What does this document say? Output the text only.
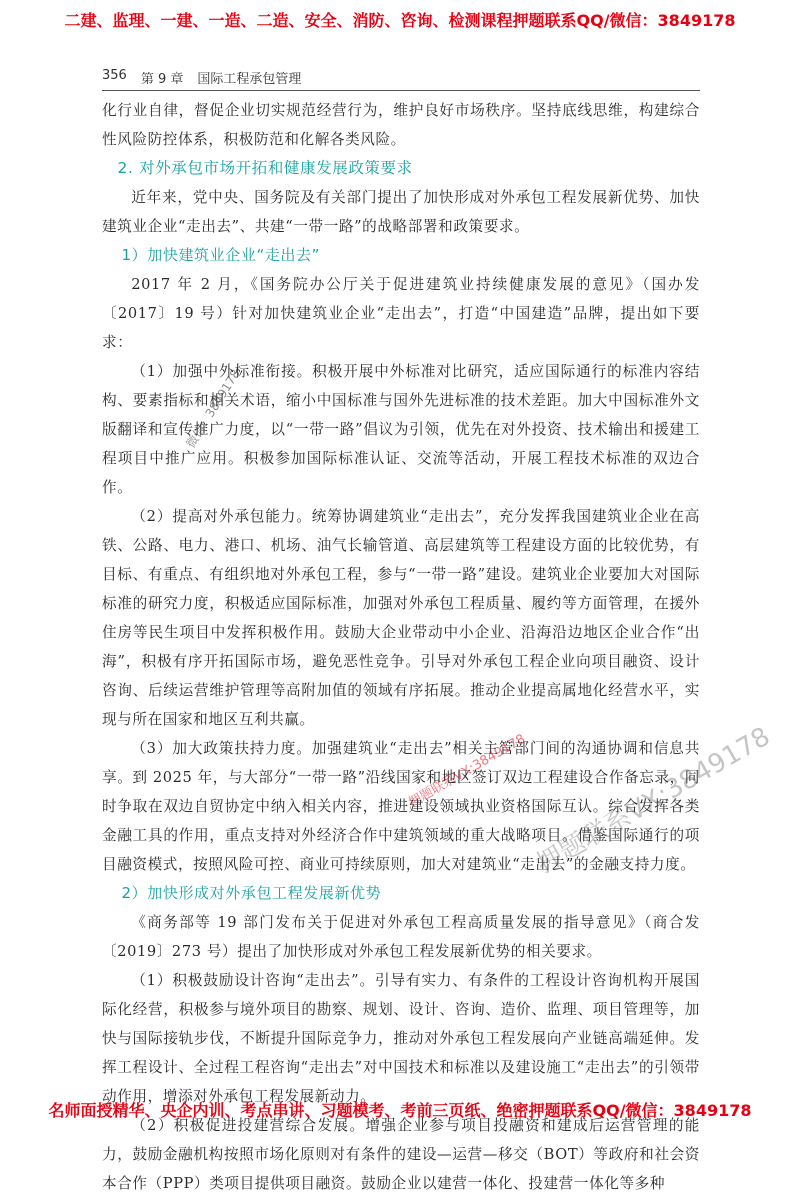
二建、监理、一建、一造、二造、安全、消防、咨询、检测课程押题联系QQ/微信：3849178
356 第 9 章 国际工程承包管理

化行业自律，督促企业切实规范经营行为，维护良好市场秩序。坚持底线思维，构建综合性风险防控体系，积极防范和化解各类风险。

2. 对外承包市场开拓和健康发展政策要求

近年来，党中央、国务院及有关部门提出了加快形成对外承包工程发展新优势、加快建筑业企业“走出去”、共建“一带一路”的战略部署和政策要求。

1）加快建筑业企业“走出去”

2017 年 2 月，《国务院办公厅关于促进建筑业持续健康发展的意见》（国办发〔2017〕19 号）针对加快建筑业企业“走出去”，打造“中国建造”品牌，提出如下要求：

（1）加强中外标准衔接。积极开展中外标准对比研究，适应国际通行的标准内容结构、要素指标和相关术语，缩小中国标准与国外先进标准的技术差距。加大中国标准外文版翻译和宣传推广力度，以“一带一路”倡议为引领，优先在对外投资、技术输出和援建工程项目中推广应用。积极参加国际标准认证、交流等活动，开展工程技术标准的双边合作。

（2）提高对外承包能力。统筹协调建筑业“走出去”，充分发挥我国建筑业企业在高铁、公路、电力、港口、机场、油气长输管道、高层建筑等工程建设方面的比较优势，有目标、有重点、有组织地对外承包工程，参与“一带一路”建设。建筑业企业要加大对国际标准的研究力度，积极适应国际标准，加强对外承包工程质量、履约等方面管理，在援外住房等民生项目中发挥积极作用。鼓励大企业带动中小企业、沿海沿边地区企业合作“出海”，积极有序开拓国际市场，避免恶性竞争。引导对外承包工程企业向项目融资、设计咨询、后续运营维护管理等高附加值的领域有序拓展。推动企业提高属地化经营水平，实现与所在国家和地区互利共赢。

（3）加大政策扶持力度。加强建筑业“走出去”相关主管部门间的沟通协调和信息共享。到 2025 年，与大部分“一带一路”沿线国家和地区签订双边工程建设合作备忘录，同时争取在双边自贸协定中纳入相关内容，推进建设领域执业资格国际互认。综合发挥各类金融工具的作用，重点支持对外经济合作中建筑领域的重大战略项目。借鉴国际通行的项目融资模式，按照风险可控、商业可持续原则，加大对建筑业“走出去”的金融支持力度。

2）加快形成对外承包工程发展新优势

《商务部等 19 部门发布关于促进对外承包工程高质量发展的指导意见》（商合发〔2019〕273 号）提出了加快形成对外承包工程发展新优势的相关要求。

（1）积极鼓励设计咨询“走出去”。引导有实力、有条件的工程设计咨询机构开展国际化经营，积极参与境外项目的勘察、规划、设计、咨询、造价、监理、项目管理等，加快与国际接轨步伐，不断提升国际竞争力，推动对外承包工程发展向产业链高端延伸。发挥工程设计、全过程工程咨询“走出去”对中国技术和标准以及建设施工“走出去”的引领带动作用，增添对外承包工程发展新动力。

（2）积极促进投建营综合发展。增强企业参与项目投融资和建成后运营管理的能力，鼓励金融机构按照市场化原则对有条件的建设—运营—移交（BOT）等政府和社会资本合作（PPP）类项目提供项目融资。鼓励企业以建营一体化、投建营一体化等多种

微信：3849178
押题联系VX:3849178 押题联系VX:3849178
名师面授精华、央企内训、考点串讲、习题模考、考前三页纸、绝密押题联系QQ/微信：3849178
